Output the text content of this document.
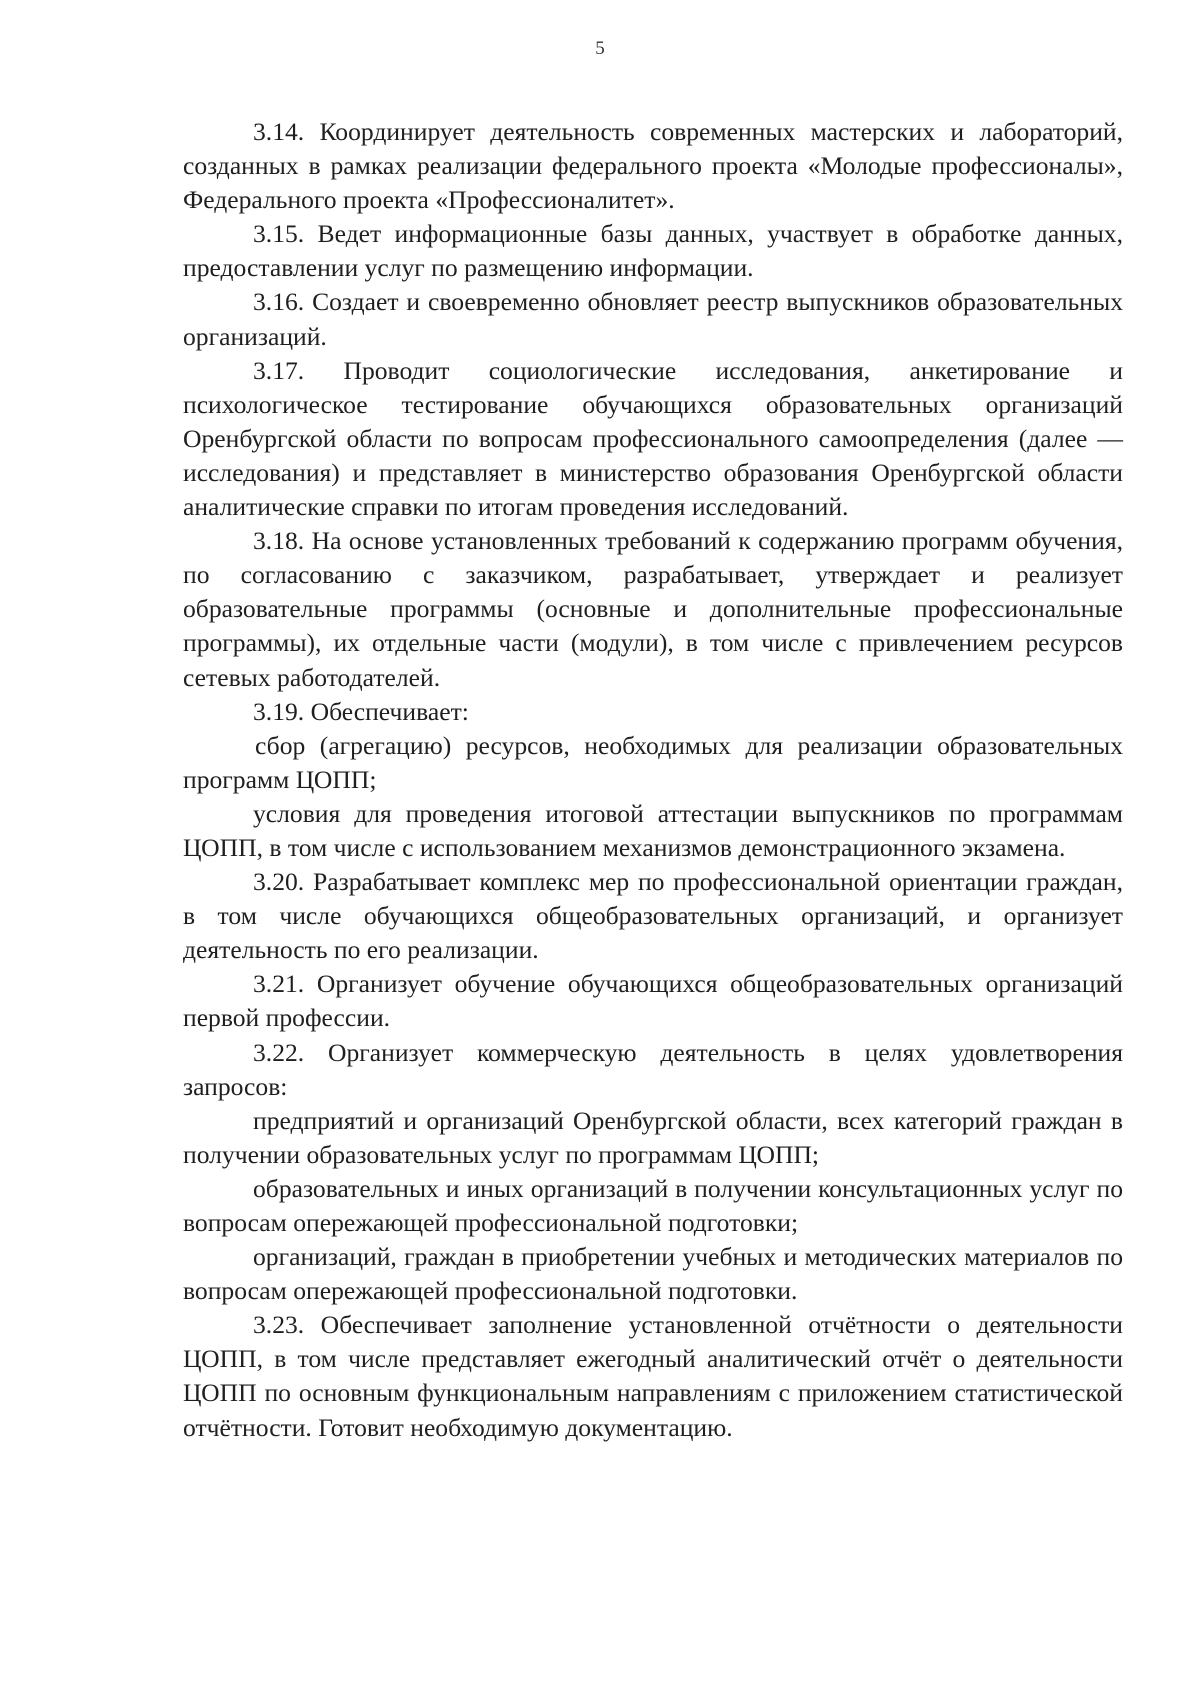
5

3.14. Координирует деятельность современных мастерских и лабораторий, созданных в рамках реализации федерального проекта «Молодые профессионалы», Федерального проекта «Профессионалитет».

3.15. Ведет информационные базы данных, участвует в обработке данных, предоставлении услуг по размещению информации.

3.16. Создает и своевременно обновляет реестр выпускников образовательных организаций.

3.17. Проводит социологические исследования, анкетирование и психологическое тестирование обучающихся образовательных организаций Оренбургской области по вопросам профессионального самоопределения (далее — исследования) и представляет в министерство образования Оренбургской области аналитические справки по итогам проведения исследований.

3.18. На основе установленных требований к содержанию программ обучения, по согласованию с заказчиком, разрабатывает, утверждает и реализует образовательные программы (основные и дополнительные профессиональные программы), их отдельные части (модули), в том числе с привлечением ресурсов сетевых работодателей.

3.19. Обеспечивает:

сбор (агрегацию) ресурсов, необходимых для реализации образовательных программ ЦОПП;

условия для проведения итоговой аттестации выпускников по программам ЦОПП, в том числе с использованием механизмов демонстрационного экзамена.

3.20. Разрабатывает комплекс мер по профессиональной ориентации граждан, в том числе обучающихся общеобразовательных организаций, и организует деятельность по его реализации.

3.21. Организует обучение обучающихся общеобразовательных организаций первой профессии.

3.22. Организует коммерческую деятельность в целях удовлетворения запросов:

предприятий и организаций Оренбургской области, всех категорий граждан в получении образовательных услуг по программам ЦОПП;

образовательных и иных организаций в получении консультационных услуг по вопросам опережающей профессиональной подготовки;

организаций, граждан в приобретении учебных и методических материалов по вопросам опережающей профессиональной подготовки.

3.23. Обеспечивает заполнение установленной отчётности о деятельности ЦОПП, в том числе представляет ежегодный аналитический отчёт о деятельности ЦОПП по основным функциональным направлениям с приложением статистической отчётности. Готовит необходимую документацию.
